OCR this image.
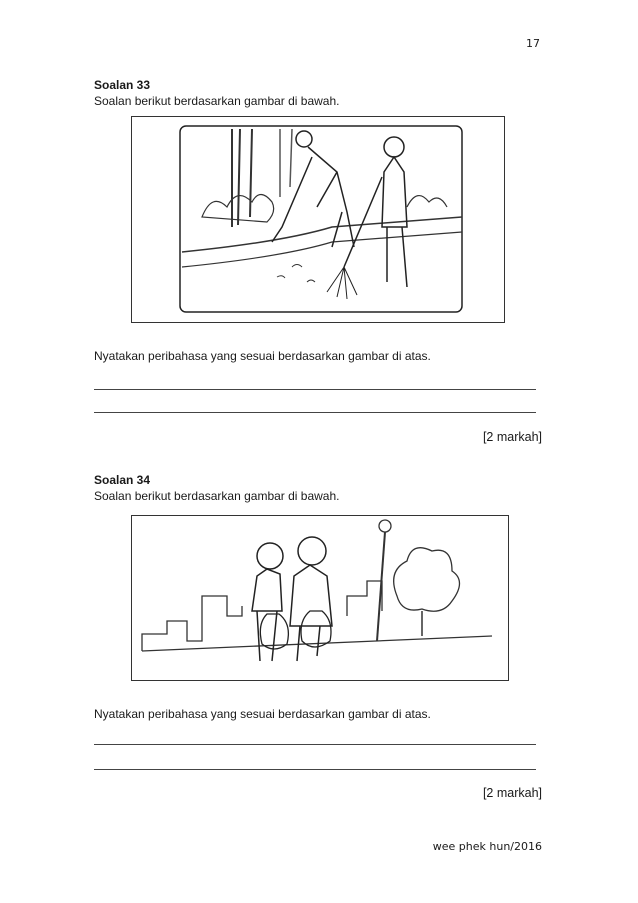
17
Soalan 33
Soalan berikut berdasarkan gambar di bawah.
Nyatakan peribahasa yang sesuai berdasarkan gambar di atas.
[2 markah]
Soalan 34
Soalan berikut berdasarkan gambar di bawah.
Nyatakan peribahasa yang sesuai berdasarkan gambar di atas.
[2 markah]
wee phek hun/2016
